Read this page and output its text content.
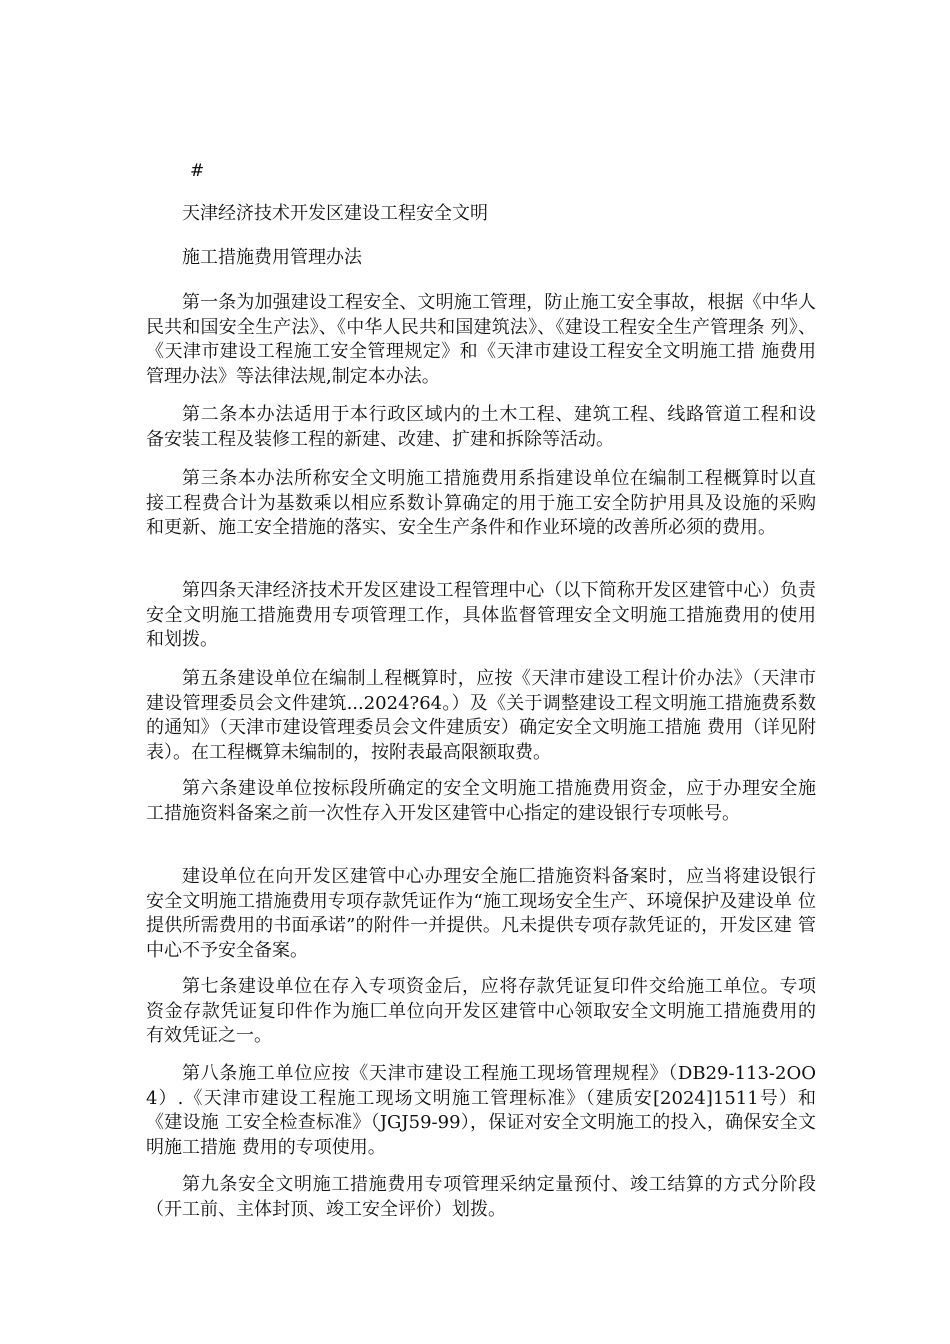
#
天津经济技术开发区建设工程安全文明
施工措施费用管理办法
第一条为加强建设工程安全、文明施工管理，防止施工安全事故，根据《中华人 民共和国安全生产法》、《中华人民共和国建筑法》、《建设工程安全生产管理条 列》、《天津市建设工程施工安全管理规定》和《天津市建设工程安全文明施工措 施费用管理办法》等法律法规,制定本办法。
第二条本办法适用于本行政区域内的土木工程、建筑工程、线路管道工程和设 备安装工程及装修工程的新建、改建、扩建和拆除等活动。
第三条本办法所称安全文明施工措施费用系指建设单位在编制工程概算时以直 接工程费合计为基数乘以相应系数讣算确定的用于施工安全防护用具及设施的采购 和更新、施工安全措施的落实、安全生产条件和作业环境的改善所必须的费用。
第四条天津经济技术开发区建设工程管理中心（以下简称开发区建管中心）负责 安全文明施工措施费用专项管理工作，具体监督管理安全文明施工措施费用的使用 和划拨。
第五条建设单位在编制丄程概算时，应按《天津市建设工程计价办法》（天津市 建设管理委员会文件建筑...2024?64。）及《关于调整建设工程文明施工措施费系数 的通知》（天津市建设管理委员会文件建质安）确定安全文明施工措施 费用（详见附表）。在工程概算未编制的，按附表最高限额取费。
第六条建设单位按标段所确定的安全文明施工措施费用资金，应于办理安全施 工措施资料备案之前一次性存入开发区建管中心指定的建设银行专项帐号。
建设单位在向开发区建管中心办理安全施匚措施资料备案时，应当将建设银行 安全文明施工措施费用专项存款凭证作为“施工现场安全生产、环境保护及建设单 位提供所需费用的书面承诺”的附件一并提供。凡未提供专项存款凭证的，开发区建 管中心不予安全备案。
第七条建设单位在存入专项资金后，应将存款凭证复印件交给施工单位。专项 资金存款凭证复印件作为施匚单位向开发区建管中心领取安全文明施工措施费用的 有效凭证之一。
第八条施工单位应按《天津市建设工程施工现场管理规程》（DB29-113-2OO4）.《天津市建设工程施工现场文明施工管理标准》（建质安[2024]1511号）和《建设施 工安全检查标准》（JGJ59-99），保证对安全文明施工的投入，确保安全文明施工措施 费用的专项使用。
第九条安全文明施工措施费用专项管理采纳定量预付、竣工结算的方式分阶段 （开工前、主体封顶、竣工安全评价）划拨。
